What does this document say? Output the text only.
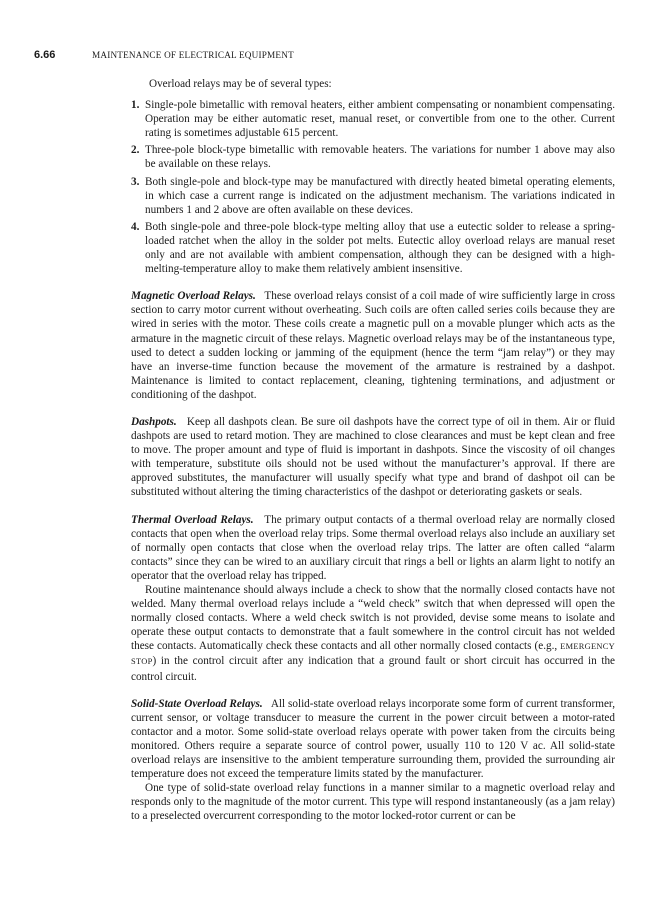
6.66	MAINTENANCE OF ELECTRICAL EQUIPMENT

Overload relays may be of several types:

1. Single-pole bimetallic with removal heaters, either ambient compensating or nonambient compensating. Operation may be either automatic reset, manual reset, or convertible from one to the other. Current rating is sometimes adjustable 615 percent.
2. Three-pole block-type bimetallic with removable heaters. The variations for number 1 above may also be available on these relays.
3. Both single-pole and block-type may be manufactured with directly heated bimetal operating elements, in which case a current range is indicated on the adjustment mechanism. The variations indicated in numbers 1 and 2 above are often available on these devices.
4. Both single-pole and three-pole block-type melting alloy that use a eutectic solder to release a spring-loaded ratchet when the alloy in the solder pot melts. Eutectic alloy overload relays are manual reset only and are not available with ambient compensation, although they can be designed with a high-melting-temperature alloy to make them relatively ambient insensitive.

Magnetic Overload Relays. These overload relays consist of a coil made of wire sufficiently large in cross section to carry motor current without overheating. Such coils are often called series coils because they are wired in series with the motor. These coils create a magnetic pull on a movable plunger which acts as the armature in the magnetic circuit of these relays. Magnetic overload relays may be of the instantaneous type, used to detect a sudden locking or jamming of the equipment (hence the term “jam relay”) or they may have an inverse-time function because the movement of the armature is restrained by a dashpot. Maintenance is limited to contact replacement, cleaning, tightening terminations, and adjustment or conditioning of the dashpot.

Dashpots. Keep all dashpots clean. Be sure oil dashpots have the correct type of oil in them. Air or fluid dashpots are used to retard motion. They are machined to close clearances and must be kept clean and free to move. The proper amount and type of fluid is important in dashpots. Since the viscosity of oil changes with temperature, substitute oils should not be used without the manufacturer’s approval. If there are approved substitutes, the manufacturer will usually specify what type and brand of dashpot oil can be substituted without altering the timing characteristics of the dashpot or deteriorating gaskets or seals.

Thermal Overload Relays. The primary output contacts of a thermal overload relay are normally closed contacts that open when the overload relay trips. Some thermal overload relays also include an auxiliary set of normally open contacts that close when the overload relay trips. The latter are often called “alarm contacts” since they can be wired to an auxiliary circuit that rings a bell or lights an alarm light to notify an operator that the overload relay has tripped.

Routine maintenance should always include a check to show that the normally closed contacts have not welded. Many thermal overload relays include a “weld check” switch that when depressed will open the normally closed contacts. Where a weld check switch is not provided, devise some means to isolate and operate these output contacts to demonstrate that a fault somewhere in the control circuit has not welded these contacts. Automatically check these contacts and all other normally closed contacts (e.g., EMERGENCY STOP) in the control circuit after any indication that a ground fault or short circuit has occurred in the control circuit.

Solid-State Overload Relays. All solid-state overload relays incorporate some form of current transformer, current sensor, or voltage transducer to measure the current in the power circuit between a motor-rated contactor and a motor. Some solid-state overload relays operate with power taken from the circuits being monitored. Others require a separate source of control power, usually 110 to 120 V ac. All solid-state overload relays are insensitive to the ambient temperature surrounding them, provided the surrounding air temperature does not exceed the temperature limits stated by the manufacturer.

One type of solid-state overload relay functions in a manner similar to a magnetic overload relay and responds only to the magnitude of the motor current. This type will respond instantaneously (as a jam relay) to a preselected overcurrent corresponding to the motor locked-rotor current or can be
